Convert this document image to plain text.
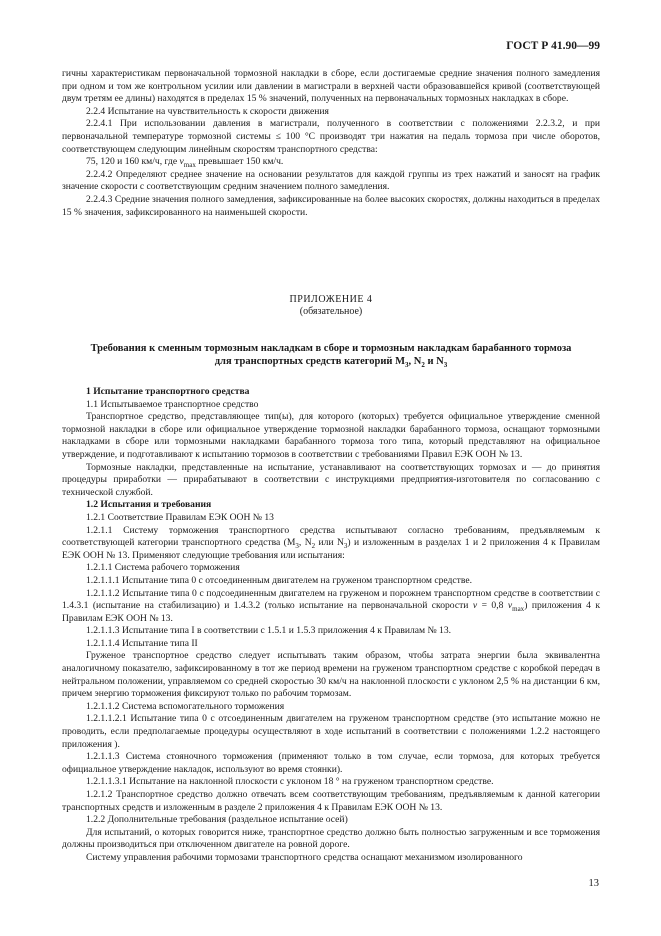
ГОСТ Р 41.90—99

гичны характеристикам первоначальной тормозной накладки в сборе, если достигаемые средние значения полного замедления при одном и том же контрольном усилии или давлении в магистрали в верхней части образовавшейся кривой (соответствующей двум третям ее длины) находятся в пределах 15 % значений, полученных на первоначальных тормозных накладках в сборе.

2.2.4 Испытание на чувствительность к скорости движения

2.2.4.1 При использовании давления в магистрали, полученного в соответствии с положениями 2.2.3.2, и при первоначальной температуре тормозной системы ≤ 100 °С производят три нажатия на педаль тормоза при числе оборотов, соответствующем следующим линейным скоростям транспортного средства:

75, 120 и 160 км/ч, где $v_{max}$ превышает 150 км/ч.

2.2.4.2 Определяют среднее значение на основании результатов для каждой группы из трех нажатий и заносят на график значение скорости с соответствующим средним значением полного замедления.

2.2.4.3 Средние значения полного замедления, зафиксированные на более высоких скоростях, должны находиться в пределах 15 % значения, зафиксированного на наименьшей скорости.

ПРИЛОЖЕНИЕ 4
(обязательное)
Требования к сменным тормозным накладкам в сборе и тормозным накладкам барабанного тормоза
для транспортных средств категорий $M_3$, $N_2$ и $N_3$

1 Испытание транспортного средства

1.1 Испытываемое транспортное средство

Транспортное средство, представляющее тип(ы), для которого (которых) требуется официальное утверждение сменной тормозной накладки в сборе или официальное утверждение тормозной накладки барабанного тормоза, оснащают тормозными накладками в сборе или тормозными накладками барабанного тормоза того типа, который представляют на официальное утверждение, и подготавливают к испытанию тормозов в соответствии с требованиями Правил ЕЭК ООН № 13.

Тормозные накладки, представленные на испытание, устанавливают на соответствующих тормозах и — до принятия процедуры приработки — прирабатывают в соответствии с инструкциями предприятия-изготовителя по согласованию с технической службой.

1.2 Испытания и требования

1.2.1 Соответствие Правилам ЕЭК ООН № 13

1.2.1.1 Систему торможения транспортного средства испытывают согласно требованиям, предъявляемым к соответствующей категории транспортного средства ($M_3$, $N_2$ или $N_3$) и изложенным в разделах 1 и 2 приложения 4 к Правилам ЕЭК ООН № 13. Применяют следующие требования или испытания:

1.2.1.1 Система рабочего торможения

1.2.1.1.1 Испытание типа 0 с отсоединенным двигателем на груженом транспортном средстве.

1.2.1.1.2 Испытание типа 0 с подсоединенным двигателем на груженом и порожнем транспортном средстве в соответствии с 1.4.3.1 (испытание на стабилизацию) и 1.4.3.2 (только испытание на первоначальной скорости v = 0,8 $v_{max}$) приложения 4 к Правилам ЕЭК ООН № 13.

1.2.1.1.3 Испытание типа I в соответствии с 1.5.1 и 1.5.3 приложения 4 к Правилам № 13.

1.2.1.1.4 Испытание типа II

Груженое транспортное средство следует испытывать таким образом, чтобы затрата энергии была эквивалентна аналогичному показателю, зафиксированному в тот же период времени на груженом транспортном средстве с коробкой передач в нейтральном положении, управляемом со средней скоростью 30 км/ч на наклонной плоскости с уклоном 2,5 % на дистанции 6 км, причем энергию торможения фиксируют только по рабочим тормозам.

1.2.1.1.2 Система вспомогательного торможения

1.2.1.1.2.1 Испытание типа 0 с отсоединенным двигателем на груженом транспортном средстве (это испытание можно не проводить, если предполагаемые процедуры осуществляют в ходе испытаний в соответствии с положениями 1.2.2 настоящего приложения ).

1.2.1.1.3 Система стояночного торможения (применяют только в том случае, если тормоза, для которых требуется официальное утверждение накладок, используют во время стоянки).

1.2.1.1.3.1 Испытание на наклонной плоскости с уклоном 18 ° на груженом транспортном средстве.

1.2.1.2 Транспортное средство должно отвечать всем соответствующим требованиям, предъявляемым к данной категории транспортных средств и изложенным в разделе 2 приложения 4 к Правилам ЕЭК ООН № 13.

1.2.2 Дополнительные требования (раздельное испытание осей)

Для испытаний, о которых говорится ниже, транспортное средство должно быть полностью загруженным и все торможения должны производиться при отключенном двигателе на ровной дороге.

Систему управления рабочими тормозами транспортного средства оснащают механизмом изолированного

13
